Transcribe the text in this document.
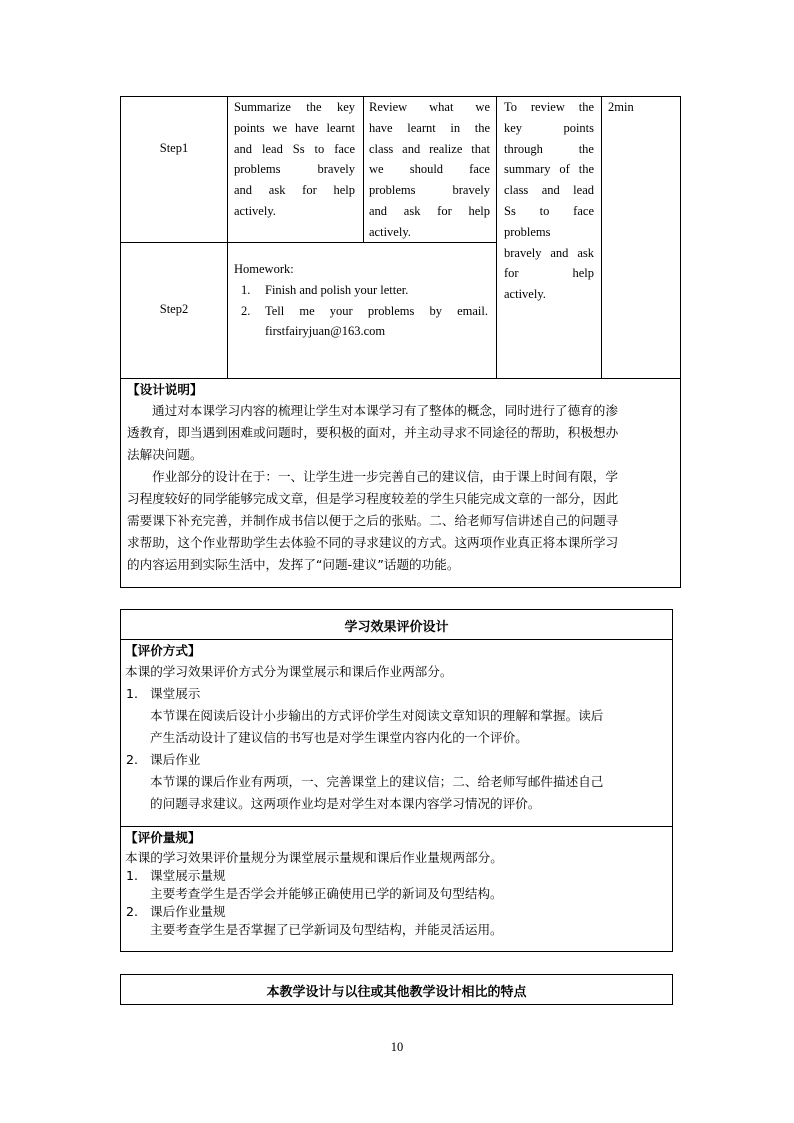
Step1
Summarize the key
points we have learnt
and lead Ss to face
problems bravely
and ask for help
actively.
Review what we
have learnt in the
class and realize that
we should face
problems bravely
and ask for help
actively.
To review the
key points
through the
summary of the
class and lead
Ss to face
problems
bravely and ask
for help
actively.
2min
Step2
Homework:
1. Finish and polish your letter.
2. Tell me your problems by email.
firstfairyjuan@163.com
【设计说明】
通过对本课学习内容的梳理让学生对本课学习有了整体的概念，同时进行了德育的渗
透教育，即当遇到困难或问题时，要积极的面对，并主动寻求不同途径的帮助，积极想办
法解决问题。
作业部分的设计在于：一、让学生进一步完善自己的建议信，由于课上时间有限，学
习程度较好的同学能够完成文章，但是学习程度较差的学生只能完成文章的一部分，因此
需要课下补充完善，并制作成书信以便于之后的张贴。二、给老师写信讲述自己的问题寻
求帮助，这个作业帮助学生去体验不同的寻求建议的方式。这两项作业真正将本课所学习
的内容运用到实际生活中，发挥了“问题-建议”话题的功能。
学习效果评价设计
【评价方式】
本课的学习效果评价方式分为课堂展示和课后作业两部分。
1. 课堂展示
本节课在阅读后设计小步输出的方式评价学生对阅读文章知识的理解和掌握。读后
产生活动设计了建议信的书写也是对学生课堂内容内化的一个评价。
2. 课后作业
本节课的课后作业有两项，一、完善课堂上的建议信；二、给老师写邮件描述自己
的问题寻求建议。这两项作业均是对学生对本课内容学习情况的评价。
【评价量规】
本课的学习效果评价量规分为课堂展示量规和课后作业量规两部分。
1. 课堂展示量规
主要考查学生是否学会并能够正确使用已学的新词及句型结构。
2. 课后作业量规
主要考查学生是否掌握了已学新词及句型结构，并能灵活运用。
本教学设计与以往或其他教学设计相比的特点
10
